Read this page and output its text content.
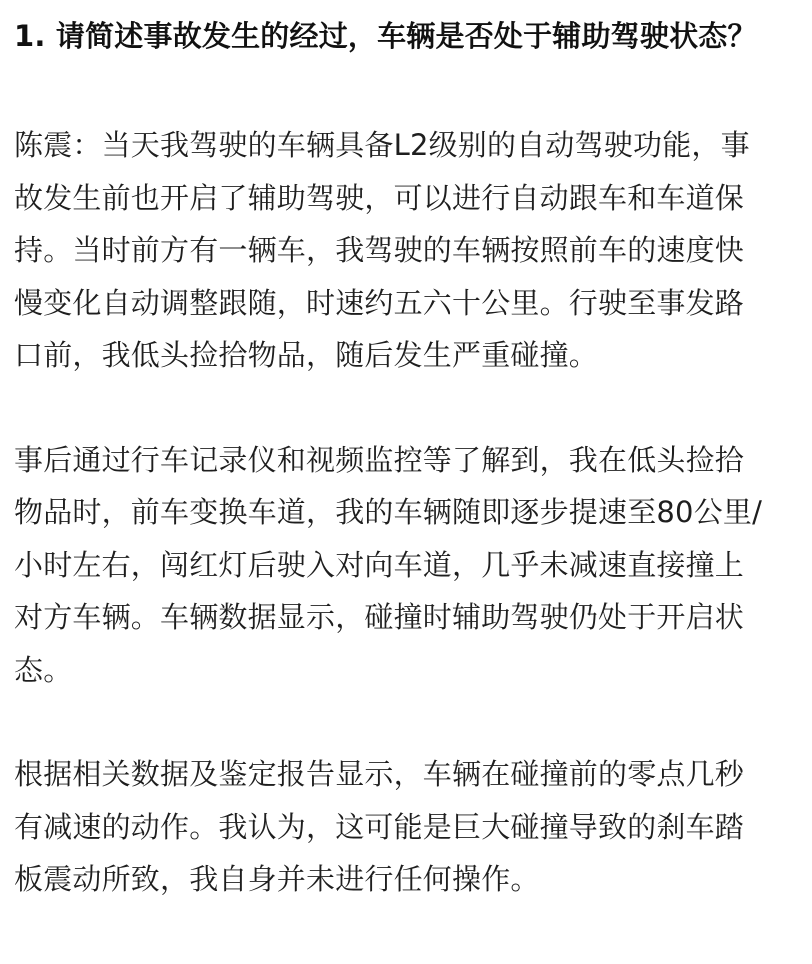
1. 请简述事故发生的经过，车辆是否处于辅助驾驶状态？

陈震：当天我驾驶的车辆具备L2级别的自动驾驶功能，事故发生前也开启了辅助驾驶，可以进行自动跟车和车道保持。当时前方有一辆车，我驾驶的车辆按照前车的速度快慢变化自动调整跟随，时速约五六十公里。行驶至事发路口前，我低头捡拾物品，随后发生严重碰撞。

事后通过行车记录仪和视频监控等了解到，我在低头捡拾物品时，前车变换车道，我的车辆随即逐步提速至80公里/小时左右，闯红灯后驶入对向车道，几乎未减速直接撞上对方车辆。车辆数据显示，碰撞时辅助驾驶仍处于开启状态。

根据相关数据及鉴定报告显示，车辆在碰撞前的零点几秒有减速的动作。我认为，这可能是巨大碰撞导致的刹车踏板震动所致，我自身并未进行任何操作。
